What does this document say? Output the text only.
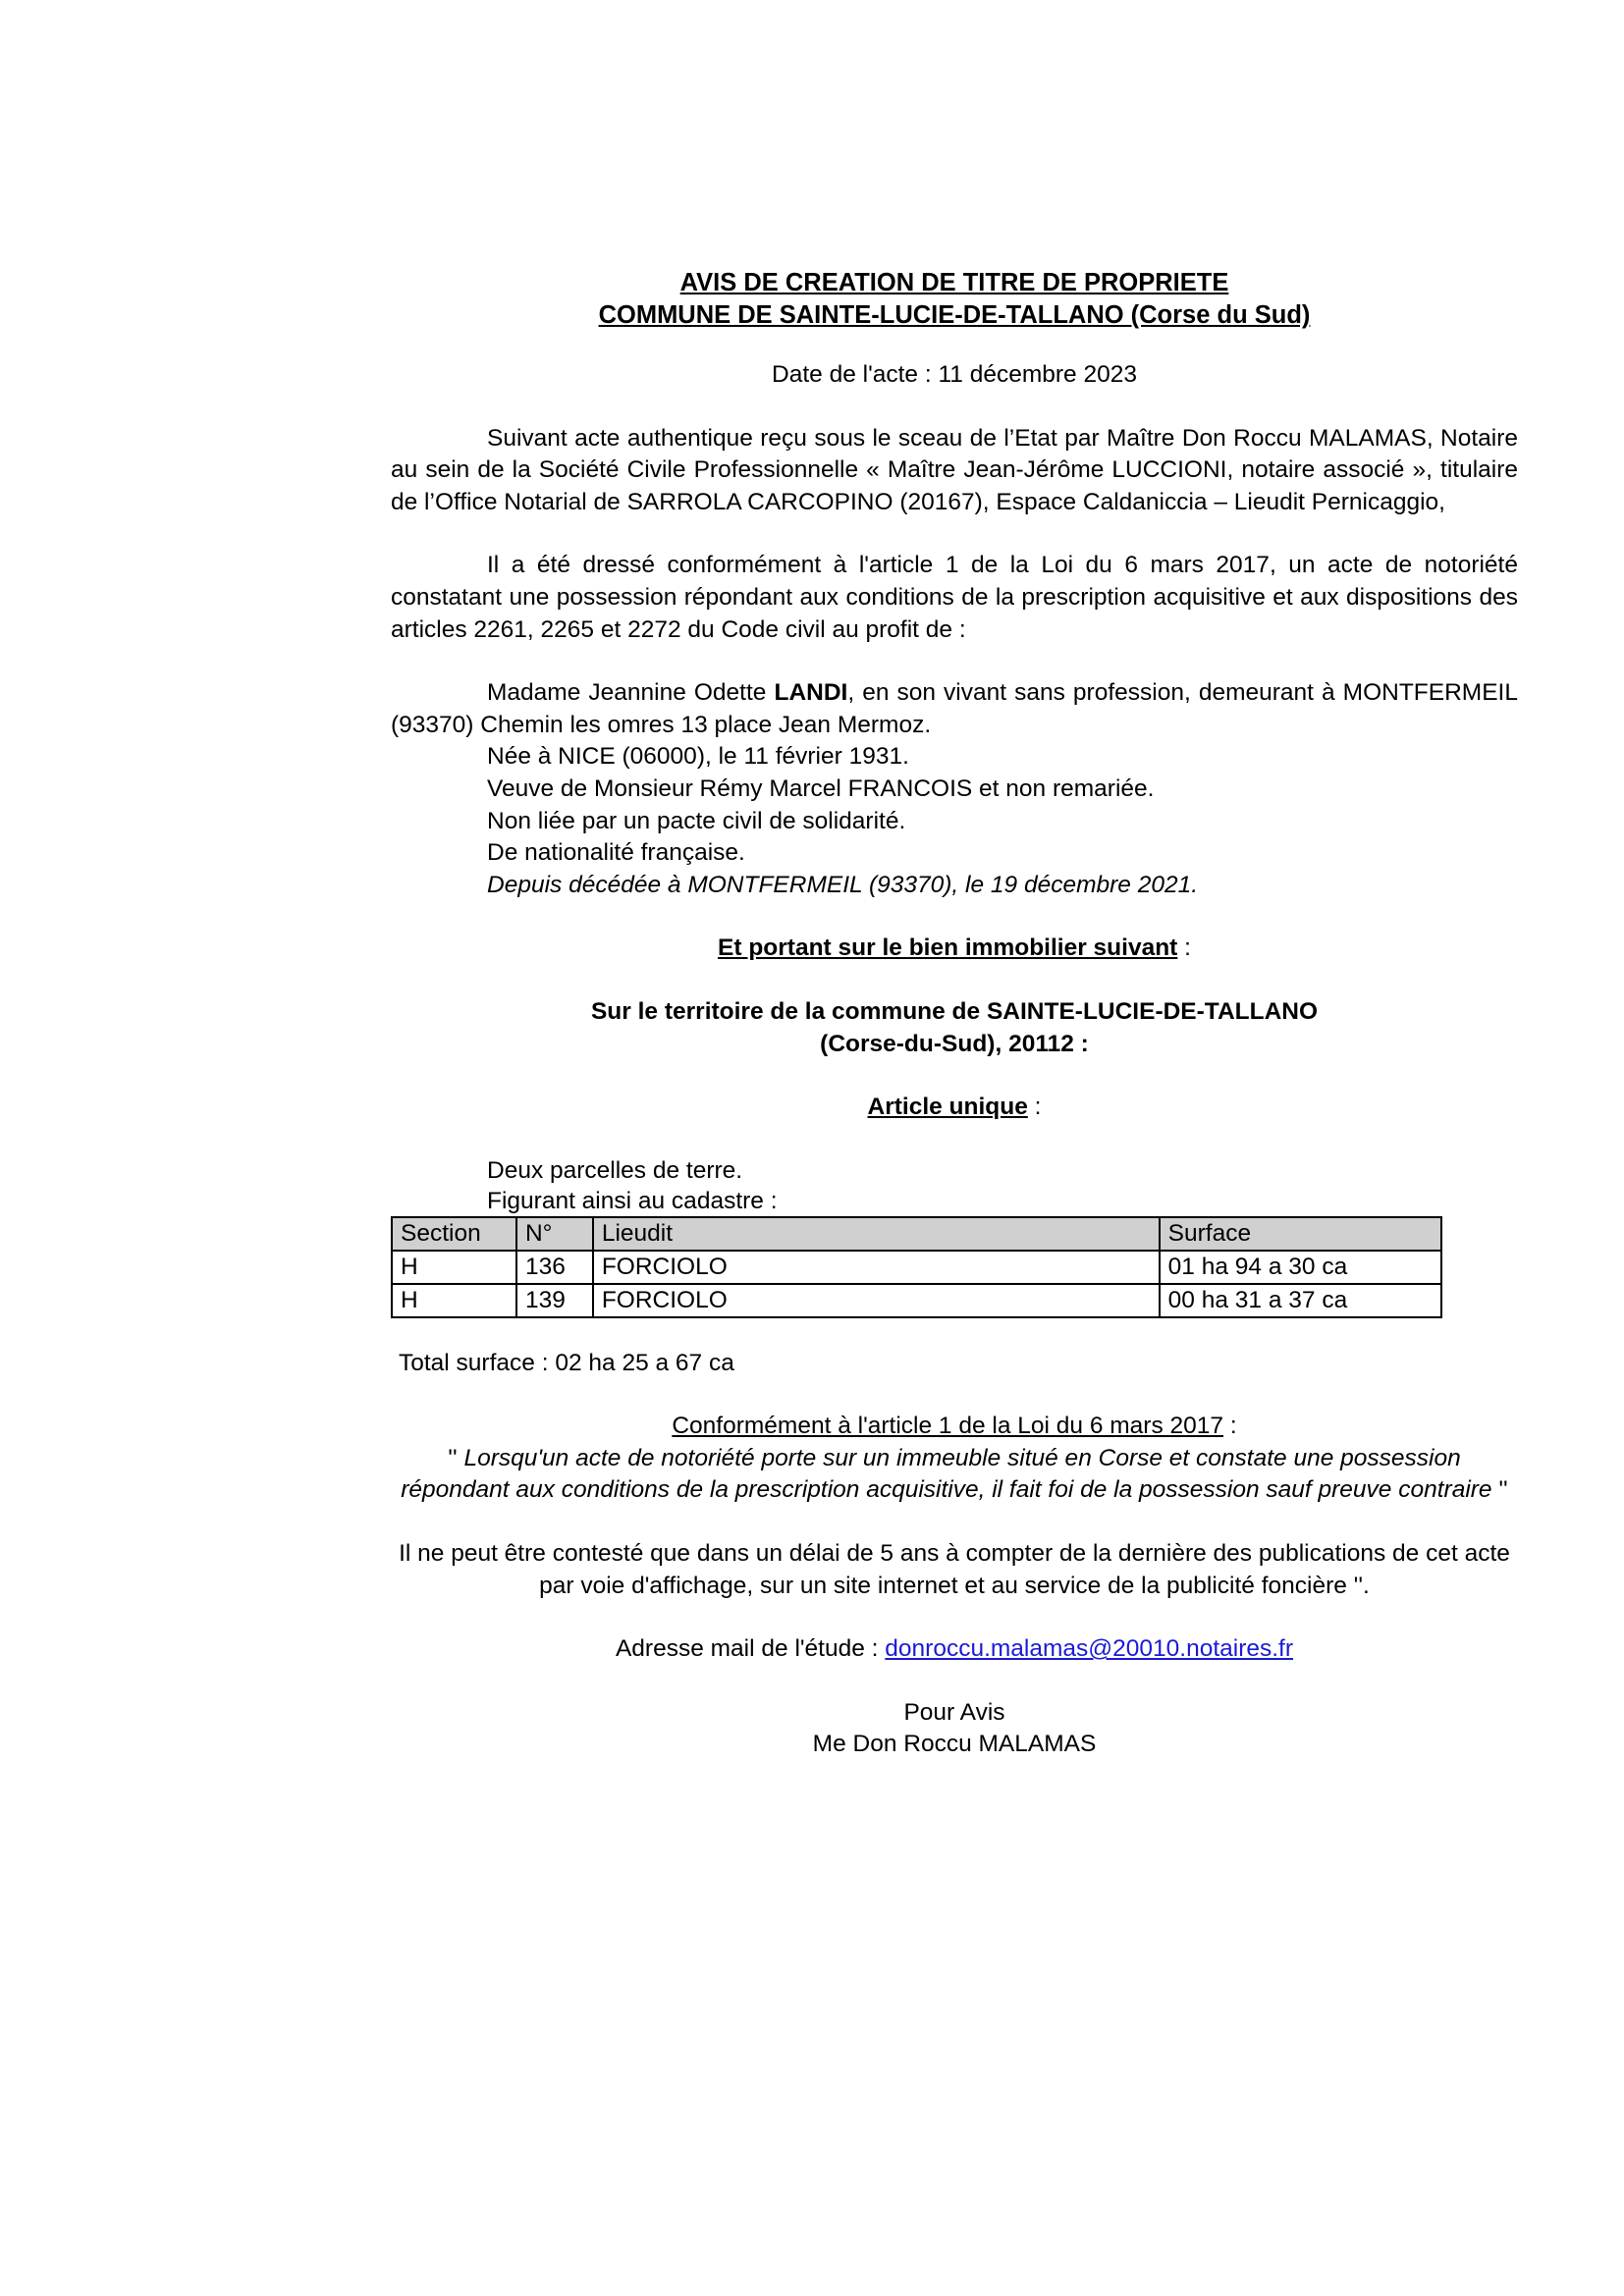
AVIS DE CREATION DE TITRE DE PROPRIETE
COMMUNE DE SAINTE-LUCIE-DE-TALLANO (Corse du Sud)
Date de l'acte : 11 décembre 2023
Suivant acte authentique reçu sous le sceau de l’Etat par Maître Don Roccu MALAMAS, Notaire au sein de la Société Civile Professionnelle « Maître Jean-Jérôme LUCCIONI, notaire associé », titulaire de l’Office Notarial de SARROLA CARCOPINO (20167), Espace Caldaniccia – Lieudit Pernicaggio,
Il a été dressé conformément à l'article 1 de la Loi du 6 mars 2017, un acte de notoriété constatant une possession répondant aux conditions de la prescription acquisitive et aux dispositions des articles 2261, 2265 et 2272 du Code civil au profit de :
Madame Jeannine Odette LANDI, en son vivant sans profession, demeurant à MONTFERMEIL (93370) Chemin les omres 13 place Jean Mermoz.
Née à NICE (06000), le 11 février 1931.
Veuve de Monsieur Rémy Marcel FRANCOIS et non remariée.
Non liée par un pacte civil de solidarité.
De nationalité française.
Depuis décédée à MONTFERMEIL (93370), le 19 décembre 2021.
Et portant sur le bien immobilier suivant :
Sur le territoire de la commune de SAINTE-LUCIE-DE-TALLANO
(Corse-du-Sud), 20112 :
Article unique :
Deux parcelles de terre.
Figurant ainsi au cadastre :
Section	N°	Lieudit	Surface
H	136	FORCIOLO	01 ha 94 a 30 ca
H	139	FORCIOLO	00 ha 31 a 37 ca
Total surface : 02 ha 25 a 67 ca
Conformément à l'article 1 de la Loi du 6 mars 2017 :
'' Lorsqu'un acte de notoriété porte sur un immeuble situé en Corse et constate une possession répondant aux conditions de la prescription acquisitive, il fait foi de la possession sauf preuve contraire ''
Il ne peut être contesté que dans un délai de 5 ans à compter de la dernière des publications de cet acte par voie d'affichage, sur un site internet et au service de la publicité foncière ''.
Adresse mail de l'étude : donroccu.malamas@20010.notaires.fr
Pour Avis
Me Don Roccu MALAMAS
